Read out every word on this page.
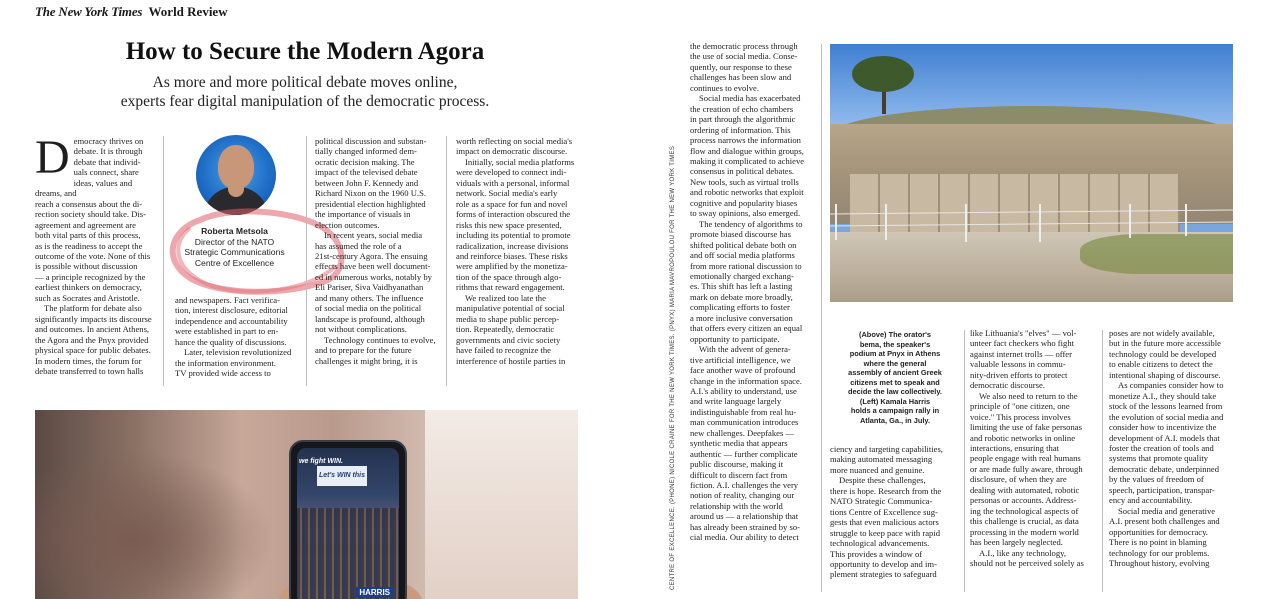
The New York Times World Review
How to Secure the Modern Agora
As more and more political debate moves online,
experts fear digital manipulation of the democratic process.
D emocracy thrives on
debate. It is through
debate that individ-
uals connect, share
ideas, values and dreams, and
reach a consensus about the di-
rection society should take. Dis-
agreement and agreement are
both vital parts of this process,
as is the readiness to accept the
outcome of the vote. None of this
is possible without discussion
— a principle recognized by the
earliest thinkers on democracy,
such as Socrates and Aristotle.
The platform for debate also
significantly impacts its discourse
and outcomes. In ancient Athens,
the Agora and the Pnyx provided
physical space for public debates.
In modern times, the forum for
debate transferred to town halls
Roberta Metsola
Director of the NATO
Strategic Communications
Centre of Excellence
and newspapers. Fact verifica-
tion, interest disclosure, editorial
independence and accountability
were established in part to en-
hance the quality of discussions.
Later, television revolutionized
the information environment.
TV provided wide access to
political discussion and substan-
tially changed informed dem-
ocratic decision making. The
impact of the televised debate
between John F. Kennedy and
Richard Nixon on the 1960 U.S.
presidential election highlighted
the importance of visuals in
election outcomes.
In recent years, social media
has assumed the role of a
21st-century Agora. The ensuing
effects have been well document-
ed in numerous works, notably by
Eli Pariser, Siva Vaidhyanathan
and many others. The influence
of social media on the political
landscape is profound, although
not without complications.
Technology continues to evolve,
and to prepare for the future
challenges it might bring, it is
worth reflecting on social media's
impact on democratic discourse.
Initially, social media platforms
were developed to connect indi-
viduals with a personal, informal
network. Social media's early
role as a space for fun and novel
forms of interaction obscured the
risks this new space presented,
including its potential to promote
radicalization, increase divisions
and reinforce biases. These risks
were amplified by the monetiza-
tion of the space through algo-
rithms that reward engagement.
We realized too late the
manipulative potential of social
media to shape public percep-
tion. Repeatedly, democratic
governments and civic society
have failed to recognize the
interference of hostile parties in
we fight WIN.
Let's WIN this
HARRIS
CENTRE OF EXCELLENCE. (PHONE) NICOLE CRAINE FOR THE NEW YORK TIMES. (PNYX) MARIA MAVROPOULOU FOR THE NEW YORK TIMES
the democratic process through
the use of social media. Conse-
quently, our response to these
challenges has been slow and
continues to evolve.
Social media has exacerbated
the creation of echo chambers
in part through the algorithmic
ordering of information. This
process narrows the information
flow and dialogue within groups,
making it complicated to achieve
consensus in political debates.
New tools, such as virtual trolls
and robotic networks that exploit
cognitive and popularity biases
to sway opinions, also emerged.
The tendency of algorithms to
promote biased discourse has
shifted political debate both on
and off social media platforms
from more rational discussion to
emotionally charged exchang-
es. This shift has left a lasting
mark on debate more broadly,
complicating efforts to foster
a more inclusive conversation
that offers every citizen an equal
opportunity to participate.
With the advent of genera-
tive artificial intelligence, we
face another wave of profound
change in the information space.
A.I.'s ability to understand, use
and write language largely
indistinguishable from real hu-
man communication introduces
new challenges. Deepfakes —
synthetic media that appears
authentic — further complicate
public discourse, making it
difficult to discern fact from
fiction. A.I. challenges the very
notion of reality, changing our
relationship with the world
around us — a relationship that
has already been strained by so-
cial media. Our ability to detect
(Above) The orator's
bema, the speaker's
podium at Pnyx in Athens
where the general
assembly of ancient Greek
citizens met to speak and
decide the law collectively.
(Left) Kamala Harris
holds a campaign rally in
Atlanta, Ga., in July.
ciency and targeting capabilities,
making automated messaging
more nuanced and genuine.
Despite these challenges,
there is hope. Research from the
NATO Strategic Communica-
tions Centre of Excellence sug-
gests that even malicious actors
struggle to keep pace with rapid
technological advancements.
This provides a window of
opportunity to develop and im-
plement strategies to safeguard
like Lithuania's "elves" — vol-
unteer fact checkers who fight
against internet trolls — offer
valuable lessons in commu-
nity-driven efforts to protect
democratic discourse.
We also need to return to the
principle of "one citizen, one
voice." This process involves
limiting the use of fake personas
and robotic networks in online
interactions, ensuring that
people engage with real humans
or are made fully aware, through
disclosure, of when they are
dealing with automated, robotic
personas or accounts. Address-
ing the technological aspects of
this challenge is crucial, as data
processing in the modern world
has been largely neglected.
A.I., like any technology,
should not be perceived solely as
poses are not widely available,
but in the future more accessible
technology could be developed
to enable citizens to detect the
intentional shaping of discourse.
As companies consider how to
monetize A.I., they should take
stock of the lessons learned from
the evolution of social media and
consider how to incentivize the
development of A.I. models that
foster the creation of tools and
systems that promote quality
democratic debate, underpinned
by the values of freedom of
speech, participation, transpar-
ency and accountability.
Social media and generative
A.I. present both challenges and
opportunities for democracy.
There is no point in blaming
technology for our problems.
Throughout history, evolving
